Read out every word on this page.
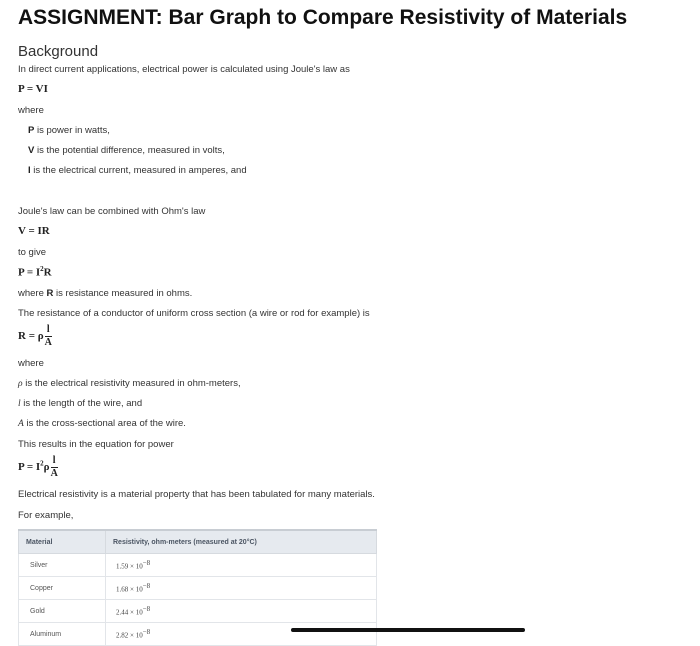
ASSIGNMENT: Bar Graph to Compare Resistivity of Materials
Background
In direct current applications, electrical power is calculated using Joule's law as
P = VI
where
P is power in watts,
V is the potential difference, measured in volts,
I is the electrical current, measured in amperes, and
Joule's law can be combined with Ohm's law
V = IR
to give
$P = I^2R$
where R is resistance measured in ohms.
The resistance of a conductor of uniform cross section (a wire or rod for example) is
R = ρ $\frac{l}{A}$
where
ρ is the electrical resistivity measured in ohm-meters,
l is the length of the wire, and
A is the cross-sectional area of the wire.
This results in the equation for power
$P = I^2\rho \frac{l}{A}$
Electrical resistivity is a material property that has been tabulated for many materials.
For example,
Material	Resistivity, ohm-meters (measured at 20°C)
Silver	$1.59 \times 10^{-8}$
Copper	$1.68 \times 10^{-8}$
Gold	$2.44 \times 10^{-8}$
Aluminum	$2.82 \times 10^{-8}$
